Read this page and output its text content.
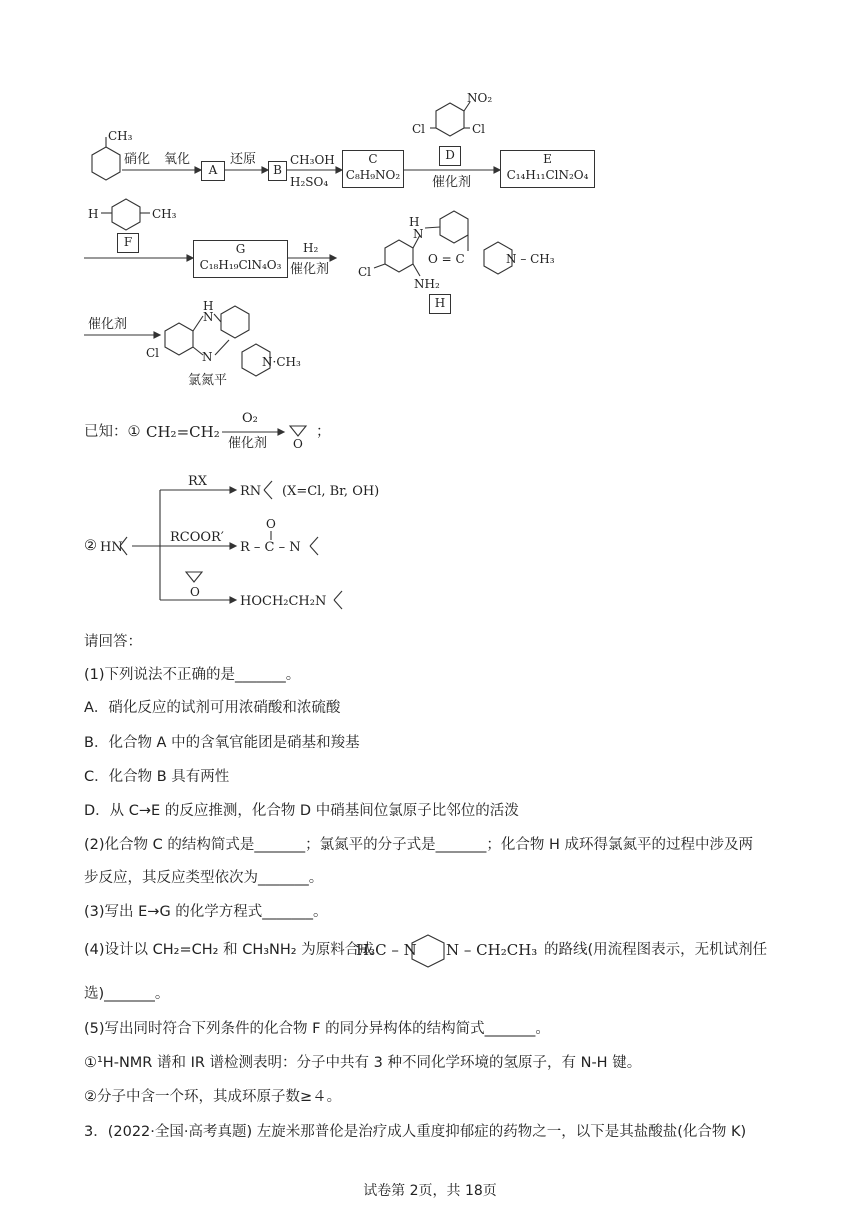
CH₃
硝化 氧化
A
还原
B
CH₃OH
H₂SO₄
C
C₈H₉NO₂
NO₂
Cl	Cl
D
催化剂
E
C₁₄H₁₁ClN₂O₄
H	CH₃
F	G
C₁₈H₁₉ClN₄O₃
H₂
催化剂
H
N
Cl
NH₂
O = C	N – CH₃
H
催化剂
H
N
Cl	N	N·CH₃
氯氮平
已知：① CH₂=CH₂
O₂
催化剂 O
；
② HN
RX
RN (X=Cl, Br, OH)
RCOOR′
R – C – N
O
O
HOCH₂CH₂N
请回答：
(1)下列说法不正确的是_______。
A．硝化反应的试剂可用浓硝酸和浓硫酸
B．化合物 A 中的含氧官能团是硝基和羧基
C．化合物 B 具有两性
D．从 C→E 的反应推测，化合物 D 中硝基间位氯原子比邻位的活泼
(2)化合物 C 的结构简式是_______；氯氮平的分子式是_______；化合物 H 成环得氯氮平的过程中涉及两
步反应，其反应类型依次为_______。
(3)写出 E→G 的化学方程式_______。
(4)设计以 CH₂=CH₂ 和 CH₃NH₂ 为原料合成
H₃C – N N – CH₂CH₃ 的路线(用流程图表示，无机试剂任
选)_______。
(5)写出同时符合下列条件的化合物 F 的同分异构体的结构简式_______。
①¹H-NMR 谱和 IR 谱检测表明：分子中共有 3 种不同化学环境的氢原子，有 N-H 键。
②分子中含一个环，其成环原子数≥４。
3．(2022·全国·高考真题) 左旋米那普伦是治疗成人重度抑郁症的药物之一，以下是其盐酸盐(化合物 K)
试卷第 2页，共 18页
